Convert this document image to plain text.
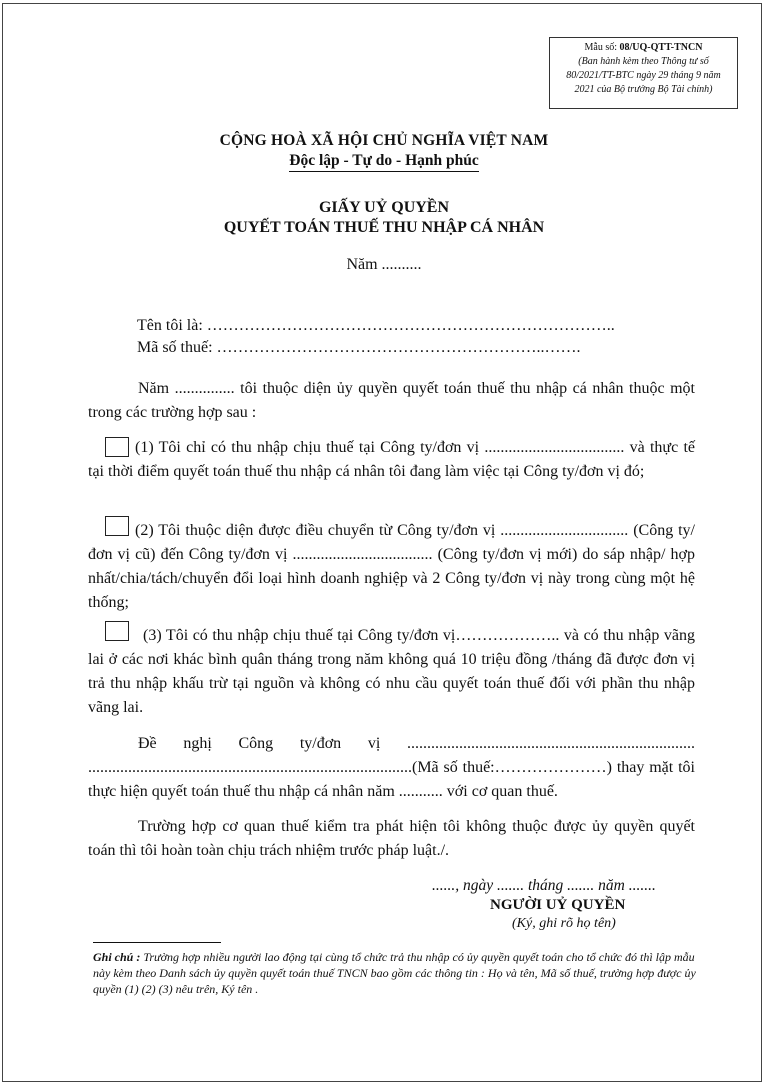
Mẫu số: 08/UQ-QTT-TNCN
(Ban hành kèm theo Thông tư số
80/2021/TT-BTC ngày 29 tháng 9 năm
2021 của Bộ trưởng Bộ Tài chính)
CỘNG HOÀ XÃ HỘI CHỦ NGHĨA VIỆT NAM
Độc lập - Tự do - Hạnh phúc
GIẤY UỶ QUYỀN
QUYẾT TOÁN THUẾ THU NHẬP CÁ NHÂN
Năm ..........
Tên tôi là: …………………………………………………………………..
Mã số thuế: ……………………………………………………..…….
Năm ............... tôi thuộc diện ủy quyền quyết toán thuế thu nhập cá nhân thuộc một trong các trường hợp sau :
(1) Tôi chỉ có thu nhập chịu thuế tại Công ty/đơn vị ................................... và thực tế tại thời điểm quyết toán thuế thu nhập cá nhân tôi đang làm việc tại Công ty/đơn vị đó;
(2) Tôi thuộc diện được điều chuyển từ Công ty/đơn vị ................................ (Công ty/đơn vị cũ) đến Công ty/đơn vị ................................... (Công ty/đơn vị mới) do sáp nhập/ hợp nhất/chia/tách/chuyển đổi loại hình doanh nghiệp và 2 Công ty/đơn vị này trong cùng một hệ thống;
(3) Tôi có thu nhập chịu thuế tại Công ty/đơn vị……………….. và có thu nhập vãng lai ở các nơi khác bình quân tháng trong năm không quá 10 triệu đồng /tháng đã được đơn vị trả thu nhập khấu trừ tại nguồn và không có nhu cầu quyết toán thuế đối với phần thu nhập vãng lai.
Đề nghị Công ty/đơn vị ........................................................................ .................................................................................(Mã số thuế:…………………) thay mặt tôi thực hiện quyết toán thuế thu nhập cá nhân năm ........... với cơ quan thuế.
Trường hợp cơ quan thuế kiểm tra phát hiện tôi không thuộc được ủy quyền quyết toán thì tôi hoàn toàn chịu trách nhiệm trước pháp luật./.
......, ngày ....... tháng ....... năm .......
NGƯỜI UỶ QUYỀN
(Ký, ghi rõ họ tên)
Ghi chú : Trường hợp nhiều người lao động tại cùng tổ chức trả thu nhập có ủy quyền quyết toán cho tổ chức đó thì lập mẫu này kèm theo Danh sách ủy quyền quyết toán thuế TNCN bao gồm các thông tin : Họ và tên, Mã số thuế, trường hợp được ủy quyền (1) (2) (3) nêu trên, Ký tên .
